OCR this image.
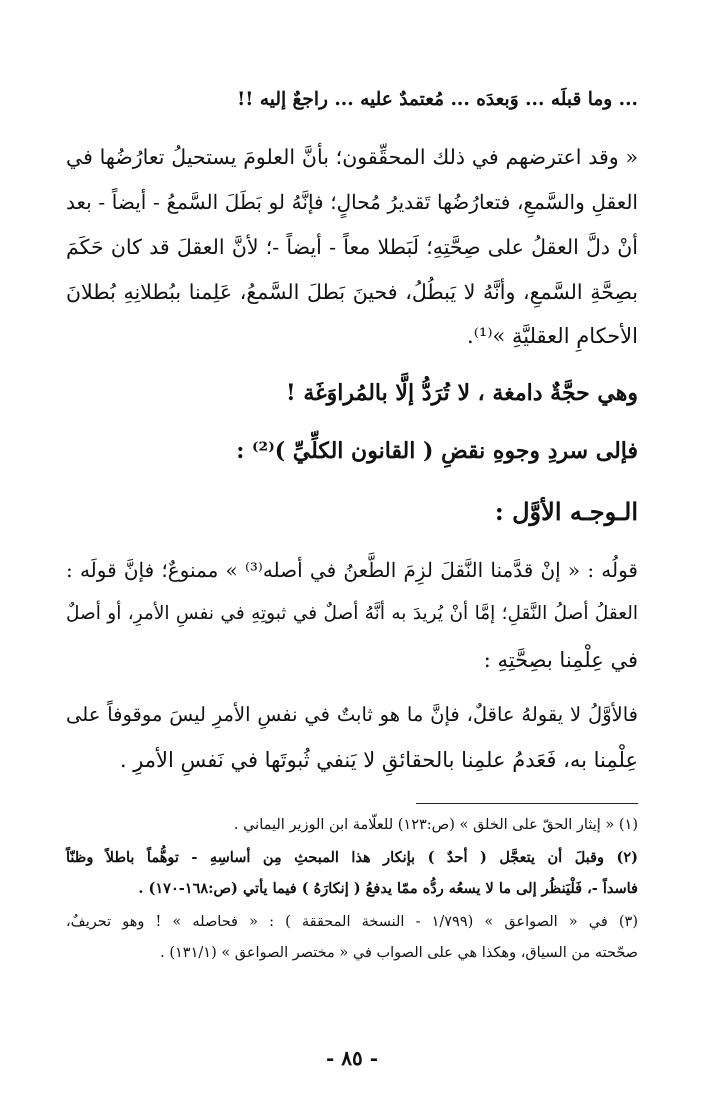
... وما قبلَه ... وَبعدَه ... مُعتمدٌ عليه ... راجعٌ إليه !!
« وقد اعترضهم في ذلك المحقِّقون؛ بأنَّ العلومَ يستحيلُ تعارُضُها في
العقلِ والسَّمعِ، فتعارُضُها تَقديرُ مُحالٍ؛ فإنَّهُ لو بَطَلَ السَّمعُ - أيضاً - بعد
أنْ دلَّ العقلُ على صِحَّتِهِ؛ لَبَطلا معاً - أيضاً -؛ لأنَّ العقلَ قد كان حَكَمَ
بصِحَّةِ السَّمعِ، وأنَّهُ لا يَبطُلُ، فحينَ بَطلَ السَّمعُ، عَلِمنا ببُطلانِهِ بُطلانَ
الأحكامِ العقليَّةِ »⁽¹⁾.
وهي حجَّةٌ دامغة ، لا تُرَدُّ إلَّا بالمُراوَغَة !
فإلى سردِ وجوهِ نقضِ ( القانون الكلِّيِّ )⁽²⁾ :
الـوجـه الأوَّل :
قولُه : « إنْ قدَّمنا النَّقلَ لزِمَ الطَّعنُ في أصله⁽³⁾ » ممنوعٌ؛ فإنَّ قولَه :
العقلُ أصلُ النَّقلِ؛ إمَّا أنْ يُريدَ به أنَّهُ أصلٌ في ثبوتِهِ في نفسِ الأمرِ، أو أصلٌ
في عِلْمِنا بصِحَّتِهِ :
فالأوَّلُ لا يقولهُ عاقلٌ، فإنَّ ما هو ثابتٌ في نفسِ الأمرِ ليسَ موقوفاً على
عِلْمِنا به، فَعَدمُ علمِنا بالحقائقِ لا يَنفي ثُبوتَها في نَفسِ الأمرِ .
(١) « إيثار الحقّ على الخلق » (ص:١٢٣) للعلّامة ابن الوزير اليماني .
(٢) وقبلَ أن يتعجَّل ( أحدٌ ) بإنكار هذا المبحثِ مِن أساسِهِ - توهُّماً باطلاً وظنّاً
فاسداً -، فَلْيَنظُر إلى ما لا يسعُه ردُّه ممّا يدفعُ ( إنكارَهُ ) فيما يأتي (ص:١٦٨-١٧٠) .
(٣) في « الصواعق » (١/٧٩٩ - النسخة المحققة ) : « فحاصله » ! وهو تحريفٌ،
صحّحته من السياق، وهكذا هي على الصواب في « مختصر الصواعق » (١٣١/١) .
- ٨٥ -
